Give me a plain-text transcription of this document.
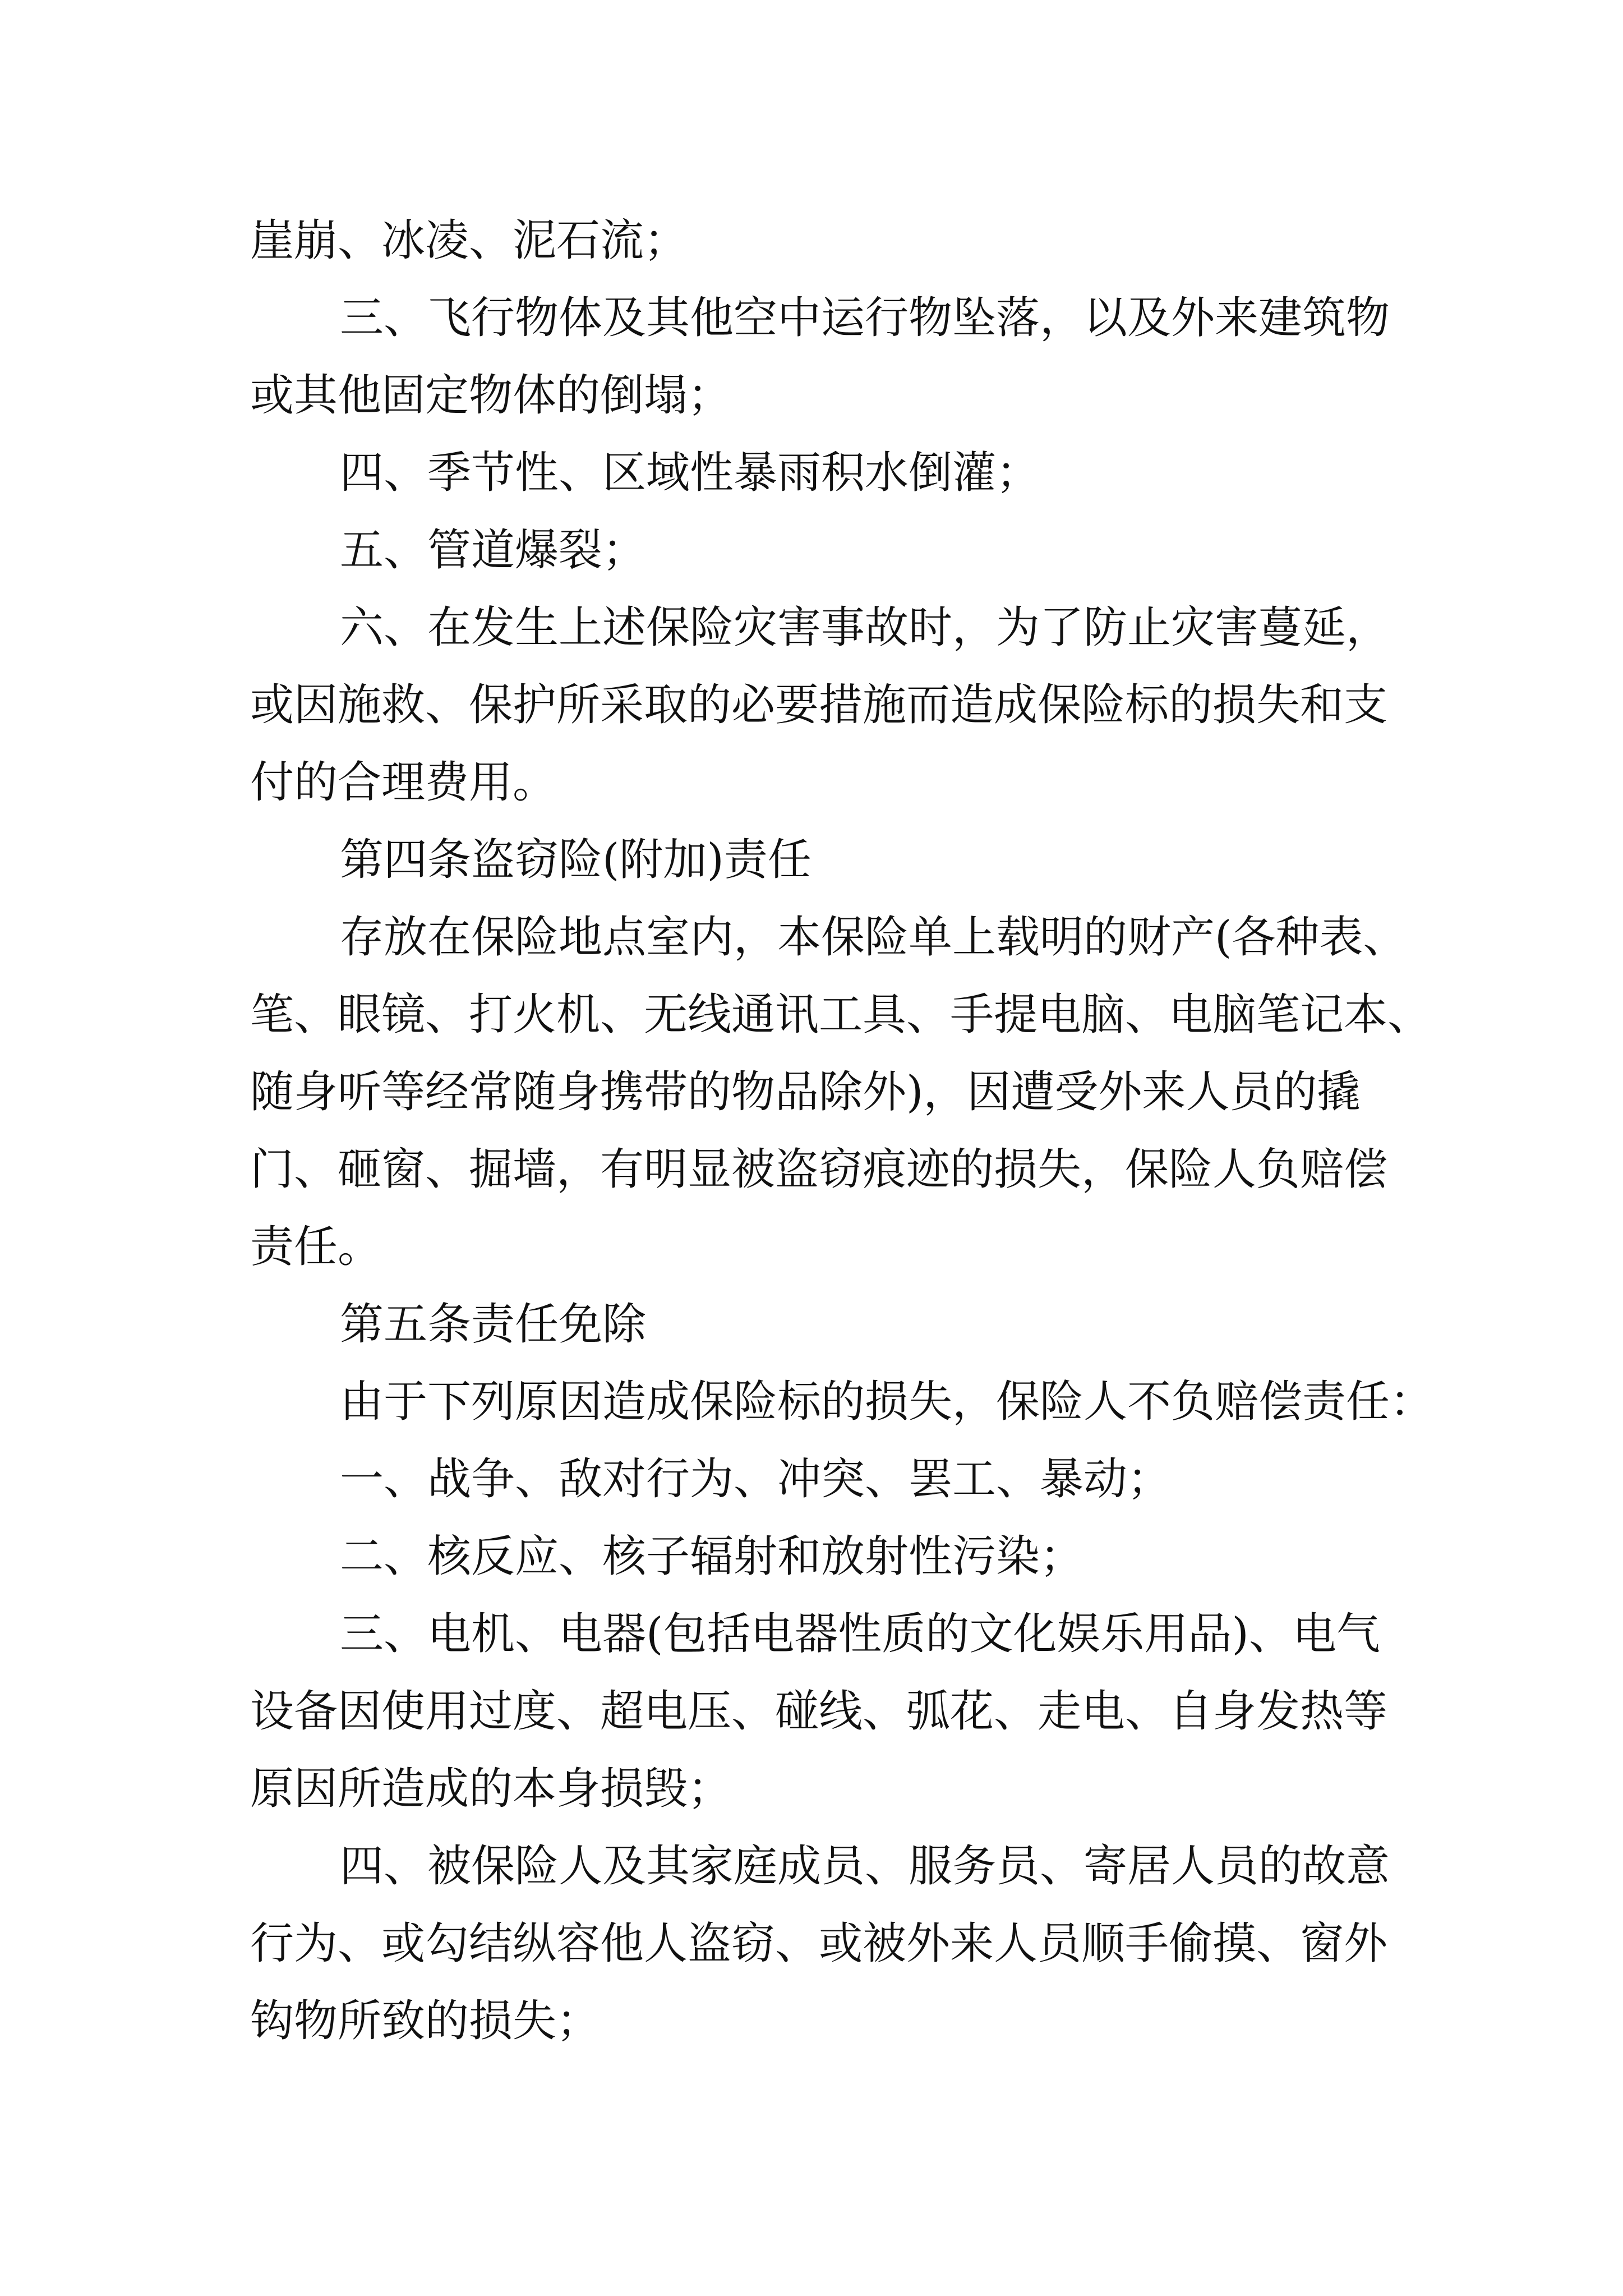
崖崩、冰凌、泥石流；

三、飞行物体及其他空中运行物坠落，以及外来建筑物
或其他固定物体的倒塌；

四、季节性、区域性暴雨积水倒灌；

五、管道爆裂；

六、在发生上述保险灾害事故时，为了防止灾害蔓延，
或因施救、保护所采取的必要措施而造成保险标的损失和支
付的合理费用。

第四条盗窃险(附加)责任

存放在保险地点室内，本保险单上载明的财产(各种表、
笔、眼镜、打火机、无线通讯工具、手提电脑、电脑笔记本、
随身听等经常随身携带的物品除外)，因遭受外来人员的撬
门、砸窗、掘墙，有明显被盗窃痕迹的损失，保险人负赔偿
责任。

第五条责任免除

由于下列原因造成保险标的损失，保险人不负赔偿责任：

一、战争、敌对行为、冲突、罢工、暴动；

二、核反应、核子辐射和放射性污染；

三、电机、电器(包括电器性质的文化娱乐用品)、电气
设备因使用过度、超电压、碰线、弧花、走电、自身发热等
原因所造成的本身损毁；

四、被保险人及其家庭成员、服务员、寄居人员的故意
行为、或勾结纵容他人盗窃、或被外来人员顺手偷摸、窗外
钩物所致的损失；
